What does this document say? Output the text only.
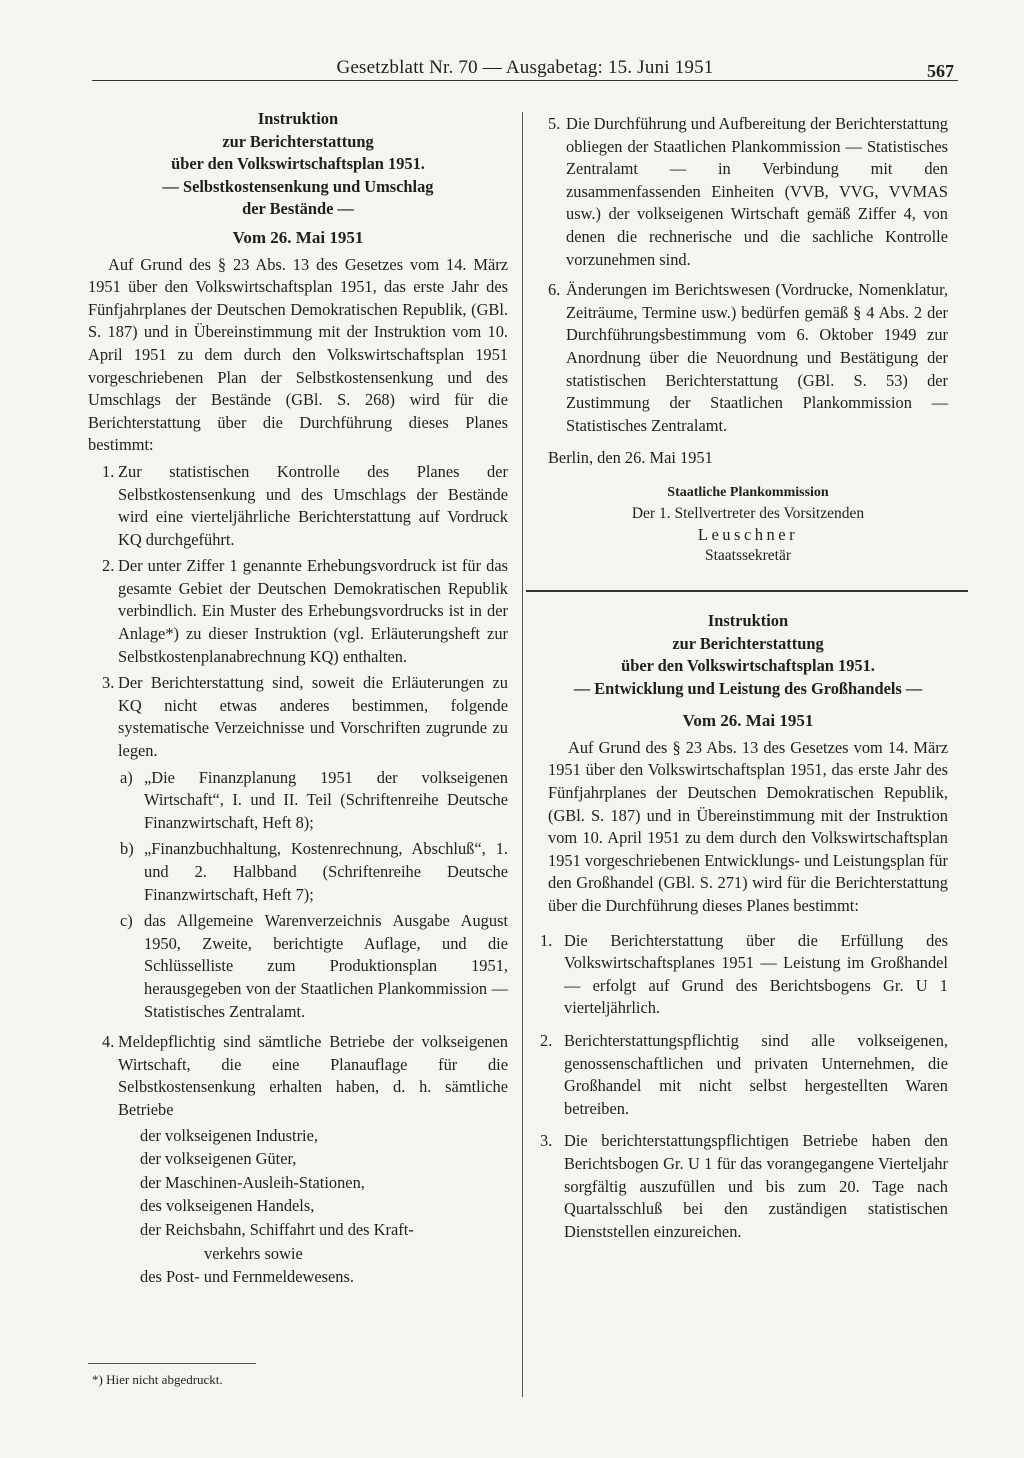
Gesetzblatt Nr. 70 — Ausgabetag: 15. Juni 1951	567
Instruktion
zur Berichterstattung
über den Volkswirtschaftsplan 1951.
— Selbstkostensenkung und Umschlag
der Bestände —
Vom 26. Mai 1951

Auf Grund des § 23 Abs. 13 des Gesetzes vom 14. März 1951 über den Volkswirtschaftsplan 1951, das erste Jahr des Fünfjahrplanes der Deutschen Demokratischen Republik, (GBl. S. 187) und in Übereinstimmung mit der Instruktion vom 10. April 1951 zu dem durch den Volkswirtschaftsplan 1951 vorgeschriebenen Plan der Selbstkostensenkung und des Umschlags der Bestände (GBl. S. 268) wird für die Berichterstattung über die Durchführung dieses Planes bestimmt:

1. Zur statistischen Kontrolle des Planes der Selbstkostensenkung und des Umschlags der Bestände wird eine vierteljährliche Berichterstattung auf Vordruck KQ durchgeführt.
2. Der unter Ziffer 1 genannte Erhebungsvordruck ist für das gesamte Gebiet der Deutschen Demokratischen Republik verbindlich. Ein Muster des Erhebungsvordrucks ist in der Anlage*) zu dieser Instruktion (vgl. Erläuterungsheft zur Selbstkostenplanabrechnung KQ) enthalten.
3. Der Berichterstattung sind, soweit die Erläuterungen zu KQ nicht etwas anderes bestimmen, folgende systematische Verzeichnisse und Vorschriften zugrunde zu legen.
a) „Die Finanzplanung 1951 der volkseigenen Wirtschaft“, I. und II. Teil (Schriftenreihe Deutsche Finanzwirtschaft, Heft 8);
b) „Finanzbuchhaltung, Kostenrechnung, Abschluß“, 1. und 2. Halbband (Schriftenreihe Deutsche Finanzwirtschaft, Heft 7);
c) das Allgemeine Warenverzeichnis Ausgabe August 1950, Zweite, berichtigte Auflage, und die Schlüsselliste zum Produktionsplan 1951, herausgegeben von der Staatlichen Plankommission — Statistisches Zentralamt.
4. Meldepflichtig sind sämtliche Betriebe der volkseigenen Wirtschaft, die eine Planauflage für die Selbstkostensenkung erhalten haben, d. h. sämtliche Betriebe
der volkseigenen Industrie,
der volkseigenen Güter,
der Maschinen-Ausleih-Stationen,
des volkseigenen Handels,
der Reichsbahn, Schiffahrt und des Kraft-
verkehrs sowie
des Post- und Fernmeldewesens.
*) Hier nicht abgedruckt.
5. Die Durchführung und Aufbereitung der Berichterstattung obliegen der Staatlichen Plankommission — Statistisches Zentralamt — in Verbindung mit den zusammenfassenden Einheiten (VVB, VVG, VVMAS usw.) der volkseigenen Wirtschaft gemäß Ziffer 4, von denen die rechnerische und die sachliche Kontrolle vorzunehmen sind.
6. Änderungen im Berichtswesen (Vordrucke, Nomenklatur, Zeiträume, Termine usw.) bedürfen gemäß § 4 Abs. 2 der Durchführungsbestimmung vom 6. Oktober 1949 zur Anordnung über die Neuordnung und Bestätigung der statistischen Berichterstattung (GBl. S. 53) der Zustimmung der Staatlichen Plankommission — Statistisches Zentralamt.

Berlin, den 26. Mai 1951

Staatliche Plankommission
Der 1. Stellvertreter des Vorsitzenden
Leuschner
Staatssekretär
Instruktion
zur Berichterstattung
über den Volkswirtschaftsplan 1951.
— Entwicklung und Leistung des Großhandels —
Vom 26. Mai 1951

Auf Grund des § 23 Abs. 13 des Gesetzes vom 14. März 1951 über den Volkswirtschaftsplan 1951, das erste Jahr des Fünfjahrplanes der Deutschen Demokratischen Republik, (GBl. S. 187) und in Übereinstimmung mit der Instruktion vom 10. April 1951 zu dem durch den Volkswirtschaftsplan 1951 vorgeschriebenen Entwicklungs- und Leistungsplan für den Großhandel (GBl. S. 271) wird für die Berichterstattung über die Durchführung dieses Planes bestimmt:

1. Die Berichterstattung über die Erfüllung des Volkswirtschaftsplanes 1951 — Leistung im Großhandel — erfolgt auf Grund des Berichtsbogens Gr. U 1 vierteljährlich.
2. Berichterstattungspflichtig sind alle volkseigenen, genossenschaftlichen und privaten Unternehmen, die Großhandel mit nicht selbst hergestellten Waren betreiben.
3. Die berichterstattungspflichtigen Betriebe haben den Berichtsbogen Gr. U 1 für das vorangegangene Vierteljahr sorgfältig auszufüllen und bis zum 20. Tage nach Quartalsschluß bei den zuständigen statistischen Dienststellen einzureichen.
